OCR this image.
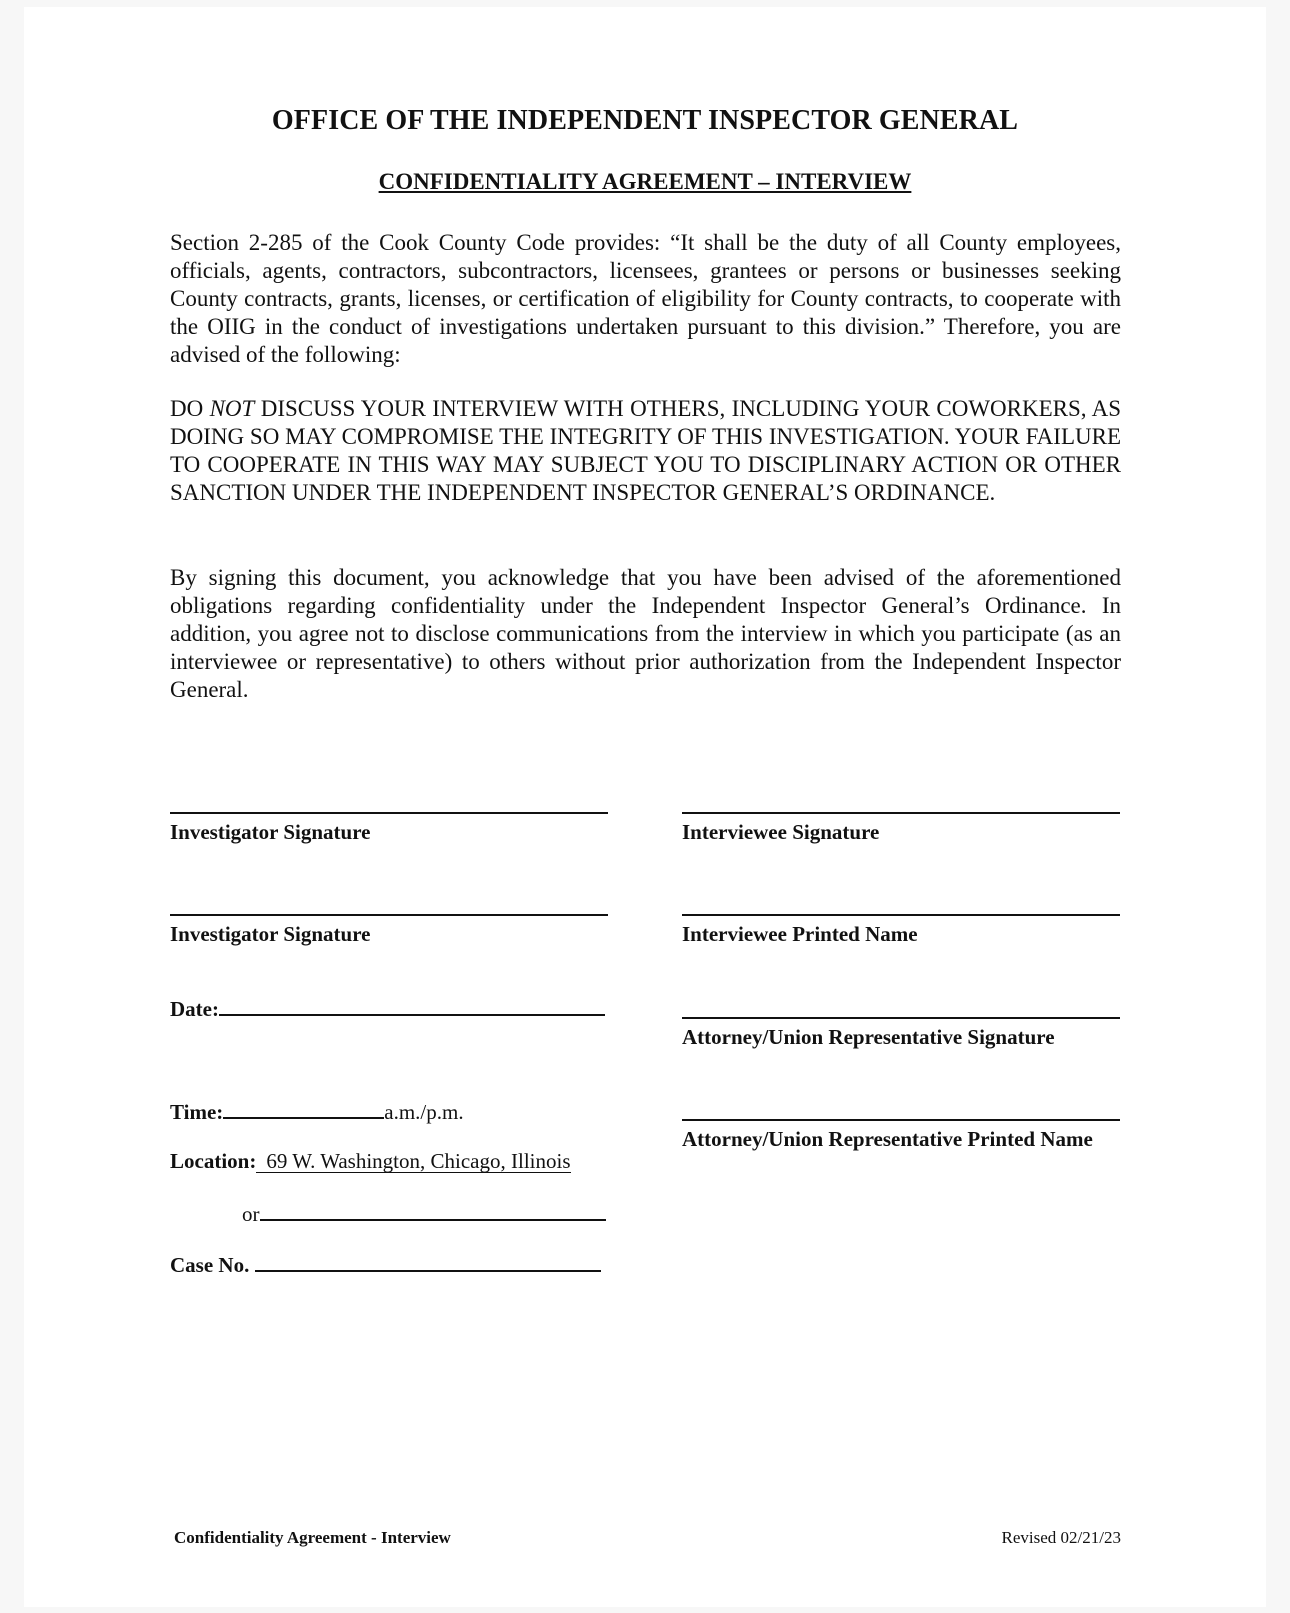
OFFICE OF THE INDEPENDENT INSPECTOR GENERAL
CONFIDENTIALITY AGREEMENT – INTERVIEW

Section 2-285 of the Cook County Code provides: “It shall be the duty of all County employees, officials, agents, contractors, subcontractors, licensees, grantees or persons or businesses seeking County contracts, grants, licenses, or certification of eligibility for County contracts, to cooperate with the OIIG in the conduct of investigations undertaken pursuant to this division.” Therefore, you are advised of the following:

DO NOT DISCUSS YOUR INTERVIEW WITH OTHERS, INCLUDING YOUR COWORKERS, AS DOING SO MAY COMPROMISE THE INTEGRITY OF THIS INVESTIGATION. YOUR FAILURE TO COOPERATE IN THIS WAY MAY SUBJECT YOU TO DISCIPLINARY ACTION OR OTHER SANCTION UNDER THE INDEPENDENT INSPECTOR GENERAL’S ORDINANCE.

By signing this document, you acknowledge that you have been advised of the aforementioned obligations regarding confidentiality under the Independent Inspector General’s Ordinance. In addition, you agree not to disclose communications from the interview in which you participate (as an interviewee or representative) to others without prior authorization from the Independent Inspector General.

Investigator Signature
Investigator Signature
Interviewee Signature
Interviewee Printed Name
Attorney/Union Representative Signature
Attorney/Union Representative Printed Name
Date:
Time:	a.m./p.m.
Location: 69 W. Washington, Chicago, Illinois
or
Case No.
Confidentiality Agreement - Interview	Revised 02/21/23
